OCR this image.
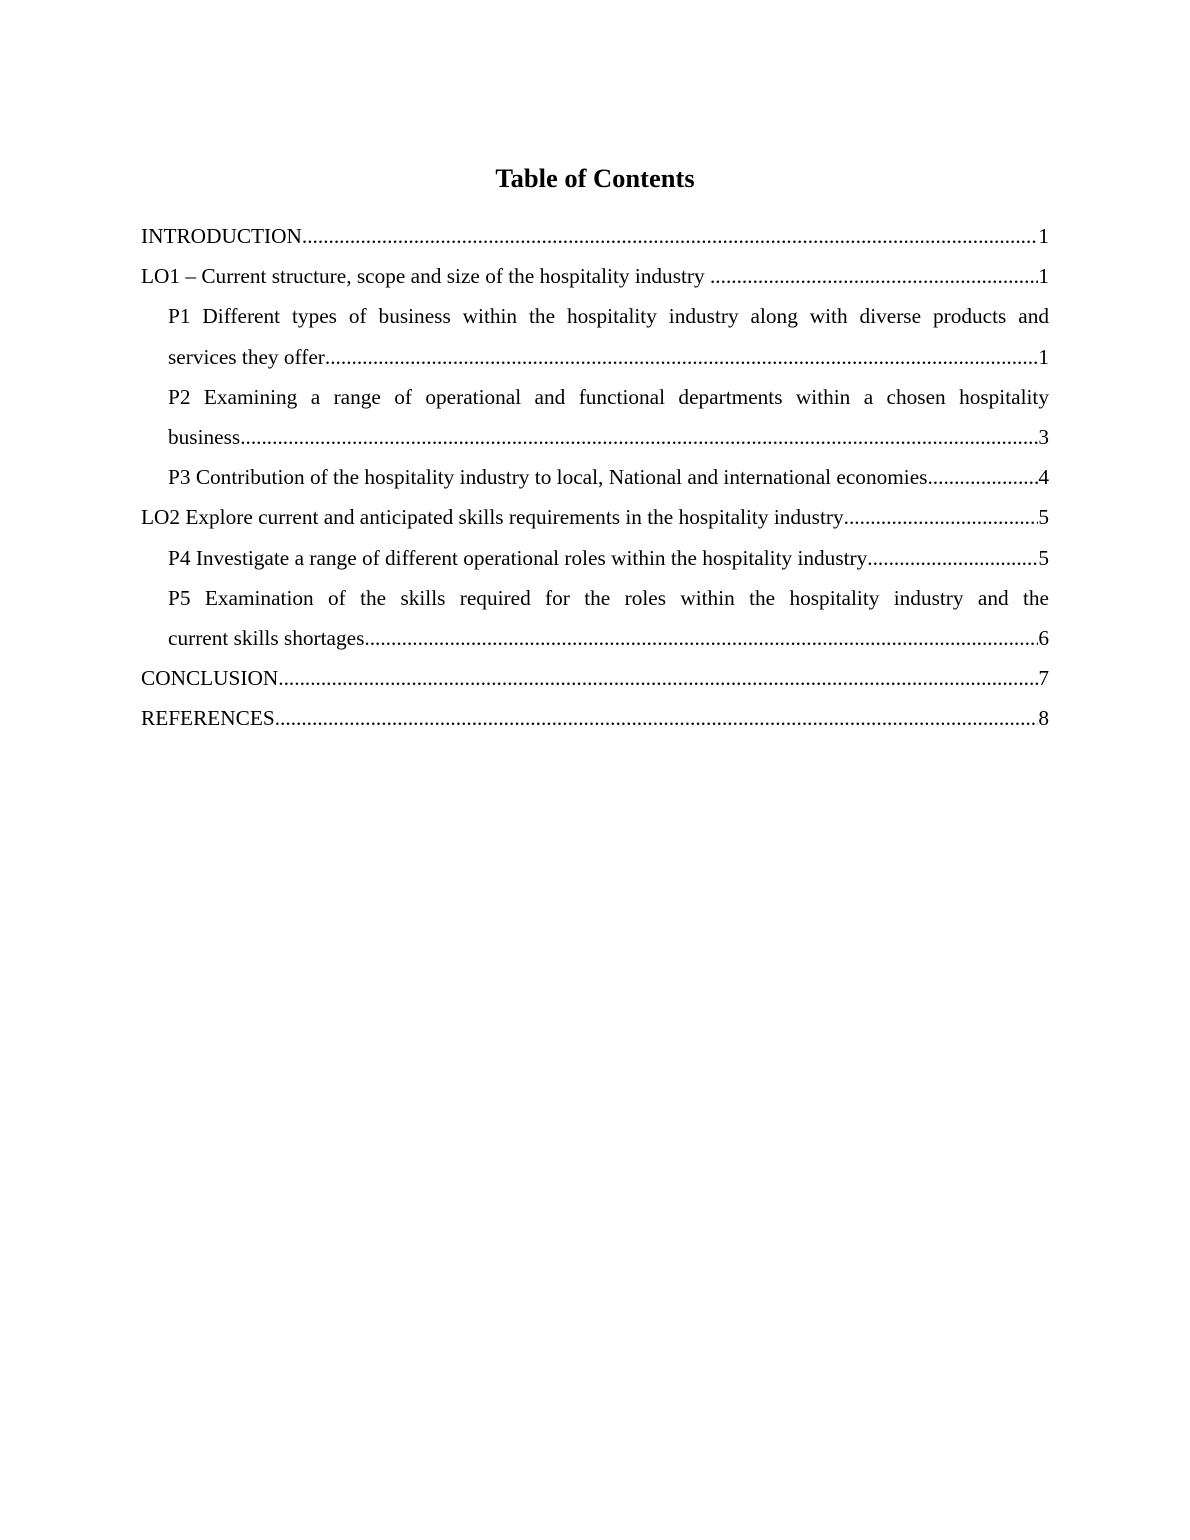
Table of Contents
INTRODUCTION .....	1
LO1 – Current structure, scope and size of the hospitality industry .....	1
P1 Different types of business within the hospitality industry along with diverse products and
services they offer .....	1
P2 Examining a range of operational and functional departments within a chosen hospitality
business .....	3
P3 Contribution of the hospitality industry to local, National and international economies .....	4
LO2 Explore current and anticipated skills requirements in the hospitality industry .....	5
P4 Investigate a range of different operational roles within the hospitality industry .....	5
P5 Examination of the skills required for the roles within the hospitality industry and the
current skills shortages .....	6
CONCLUSION .....	7
REFERENCES .....	8
